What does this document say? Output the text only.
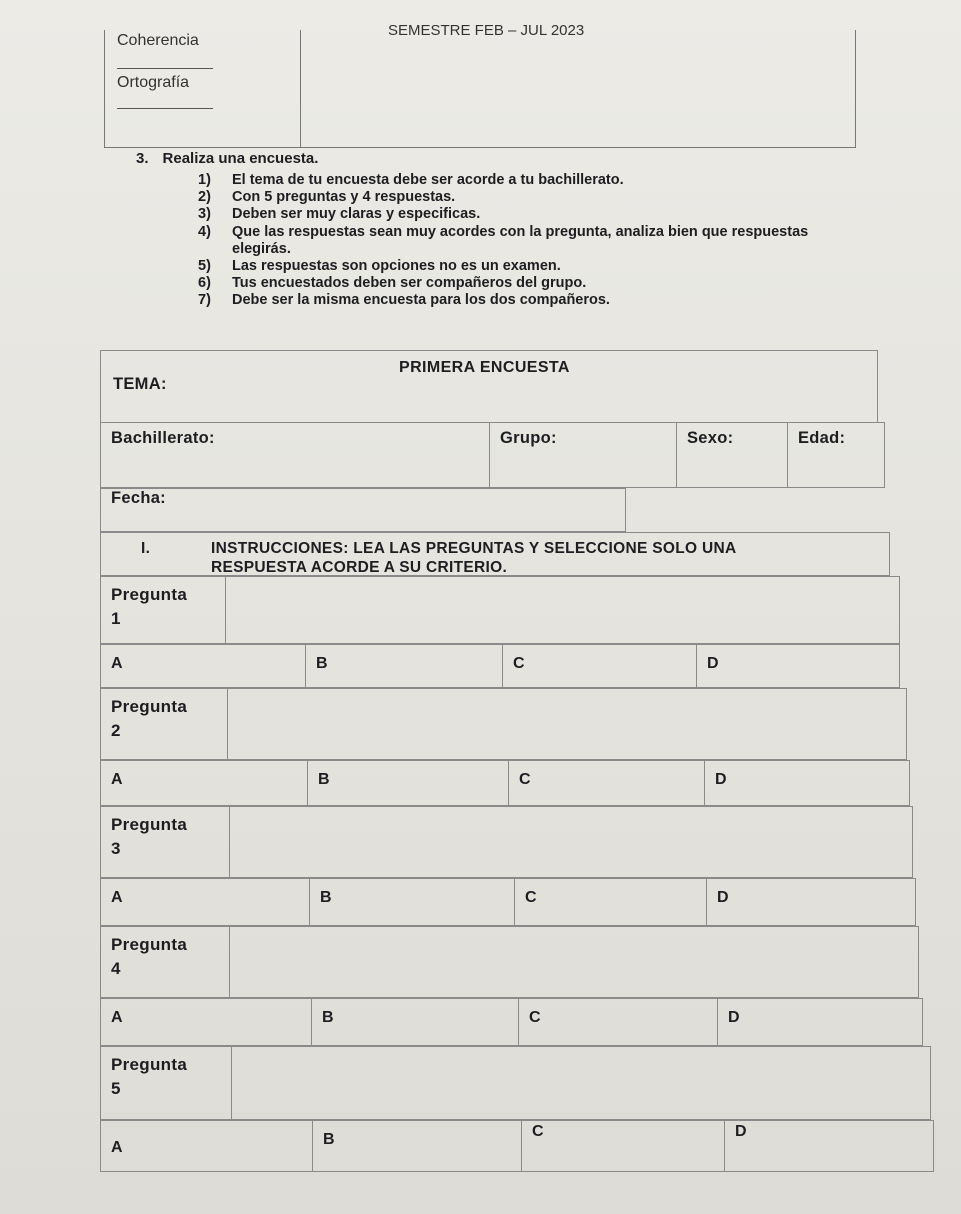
SEMESTRE FEB – JUL 2023
Coherencia
Ortografía
3. Realiza una encuesta.
1)	El tema de tu encuesta debe ser acorde a tu bachillerato.
2)	Con 5 preguntas y 4 respuestas.
3)	Deben ser muy claras y especificas.
4)	Que las respuestas sean muy acordes con la pregunta, analiza bien que respuestas elegirás.
5)	Las respuestas son opciones no es un examen.
6)	Tus encuestados deben ser compañeros del grupo.
7)	Debe ser la misma encuesta para los dos compañeros.
PRIMERA ENCUESTA
TEMA:
Bachillerato:	Grupo:	Sexo:	Edad:
Fecha:
I.	INSTRUCCIONES: LEA LAS PREGUNTAS Y SELECCIONE SOLO UNA
RESPUESTA ACORDE A SU CRITERIO.
Pregunta
1
A	B	C	D
Pregunta
2
A	B	C	D
Pregunta
3
A	B	C	D
Pregunta
4
A	B	C	D
Pregunta
5
A	B	C	D
